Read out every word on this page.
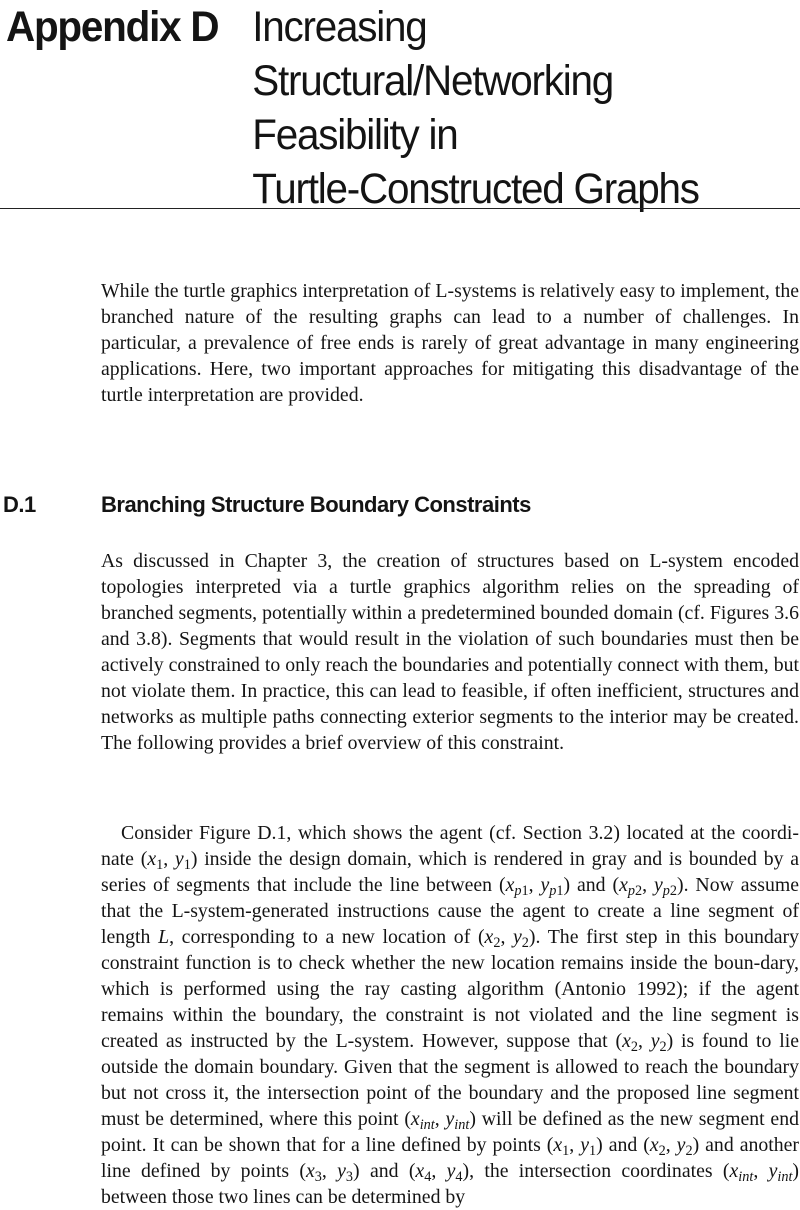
Appendix D Increasing
Structural/Networking
Feasibility in
Turtle-Constructed Graphs

While the turtle graphics interpretation of L-systems is relatively easy to implement, the branched nature of the resulting graphs can lead to a number of challenges. In particular, a prevalence of free ends is rarely of great advantage in many engineering applications. Here, two important approaches for mitigating this disadvantage of the turtle interpretation are provided.

D.1	Branching Structure Boundary Constraints

As discussed in Chapter 3, the creation of structures based on L-system encoded topologies interpreted via a turtle graphics algorithm relies on the spreading of branched segments, potentially within a predetermined bounded domain (cf. Figures 3.6 and 3.8). Segments that would result in the violation of such boundaries must then be actively constrained to only reach the boundaries and potentially connect with them, but not violate them. In practice, this can lead to feasible, if often inefficient, structures and networks as multiple paths connecting exterior segments to the interior may be created. The following provides a brief overview of this constraint.

Consider Figure D.1, which shows the agent (cf. Section 3.2) located at the coordi-nate ($x_1$, $y_1$) inside the design domain, which is rendered in gray and is bounded by a series of segments that include the line between ($x_{p1}$, $y_{p1}$) and ($x_{p2}$, $y_{p2}$). Now assume that the L-system-generated instructions cause the agent to create a line segment of length L, corresponding to a new location of ($x_2$, $y_2$). The first step in this boundary constraint function is to check whether the new location remains inside the boun-dary, which is performed using the ray casting algorithm (Antonio 1992); if the agent remains within the boundary, the constraint is not violated and the line segment is created as instructed by the L-system. However, suppose that ($x_2$, $y_2$) is found to lie outside the domain boundary. Given that the segment is allowed to reach the boundary but not cross it, the intersection point of the boundary and the proposed line segment must be determined, where this point ($x_{int}$, $y_{int}$) will be defined as the new segment end point. It can be shown that for a line defined by points ($x_1$, $y_1$) and ($x_2$, $y_2$) and another line defined by points ($x_3$, $y_3$) and ($x_4$, $y_4$), the intersection coordinates ($x_{int}$, $y_{int}$) between those two lines can be determined by
